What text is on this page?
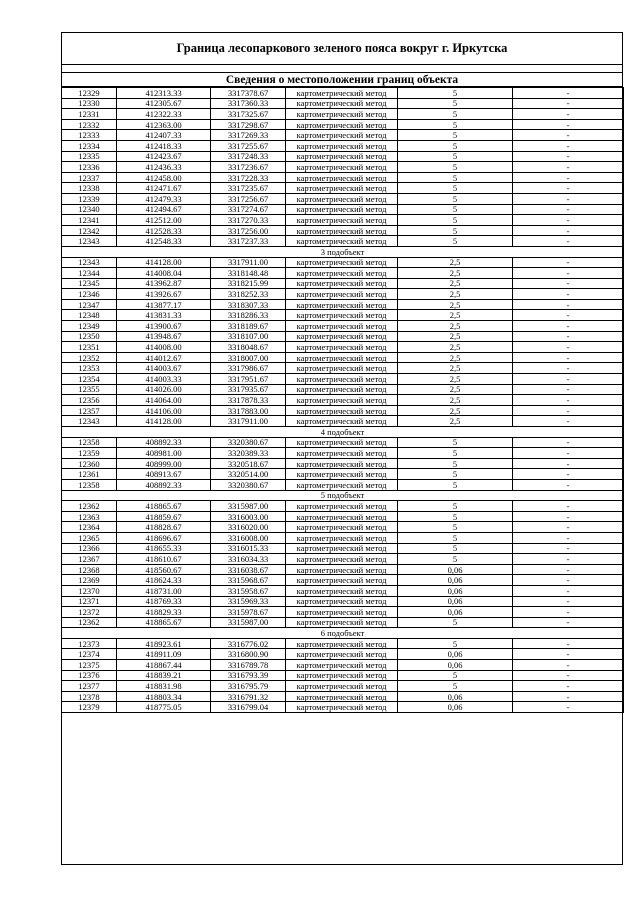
Граница лесопаркового зеленого пояса вокруг г. Иркутска
Сведения о местоположении границ объекта
12329	412313.33	3317378.67	картометрический метод	5	-
12330	412305.67	3317360.33	картометрический метод	5	-
12331	412322.33	3317325.67	картометрический метод	5	-
12332	412363.00	3317298.67	картометрический метод	5	-
12333	412407.33	3317269.33	картометрический метод	5	-
12334	412418.33	3317255.67	картометрический метод	5	-
12335	412423.67	3317248.33	картометрический метод	5	-
12336	412436.33	3317236.67	картометрический метод	5	-
12337	412458.00	3317228.33	картометрический метод	5	-
12338	412471.67	3317235.67	картометрический метод	5	-
12339	412479.33	3317256.67	картометрический метод	5	-
12340	412494.67	3317274.67	картометрический метод	5	-
12341	412512.00	3317270.33	картометрический метод	5	-
12342	412528.33	3317256.00	картометрический метод	5	-
12343	412548.33	3317237.33	картометрический метод	5	-
3 подобъект					
12343	414128.00	3317911.00	картометрический метод	2,5	-
12344	414008.04	3318148.48	картометрический метод	2,5	-
12345	413962.87	3318215.99	картометрический метод	2,5	-
12346	413926.67	3318252.33	картометрический метод	2,5	-
12347	413877.17	3318307.33	картометрический метод	2,5	-
12348	413831.33	3318286.33	картометрический метод	2,5	-
12349	413900.67	3318189.67	картометрический метод	2,5	-
12350	413948.67	3318107.00	картометрический метод	2,5	-
12351	414008.00	3318048.67	картометрический метод	2,5	-
12352	414012.67	3318007.00	картометрический метод	2,5	-
12353	414003.67	3317986.67	картометрический метод	2,5	-
12354	414003.33	3317951.67	картометрический метод	2,5	-
12355	414026.00	3317935.67	картометрический метод	2,5	-
12356	414064.00	3317878.33	картометрический метод	2,5	-
12357	414106.00	3317883.00	картометрический метод	2,5	-
12343	414128.00	3317911.00	картометрический метод	2,5	-
4 подобъект					
12358	408892.33	3320380.67	картометрический метод	5	-
12359	408981.00	3320389.33	картометрический метод	5	-
12360	408999.00	3320518.67	картометрический метод	5	-
12361	408913.67	3320514.00	картометрический метод	5	-
12358	408892.33	3320380.67	картометрический метод	5	-
5 подобъект					
12362	418865.67	3315987.00	картометрический метод	5	-
12363	418859.67	3316003.00	картометрический метод	5	-
12364	418828.67	3316020.00	картометрический метод	5	-
12365	418696.67	3316008.00	картометрический метод	5	-
12366	418655.33	3316015.33	картометрический метод	5	-
12367	418610.67	3316034.33	картометрический метод	5	-
12368	418560.67	3316038.67	картометрический метод	0,06	-
12369	418624.33	3315968.67	картометрический метод	0,06	-
12370	418731.00	3315958.67	картометрический метод	0,06	-
12371	418769.33	3315969.33	картометрический метод	0,06	-
12372	418829.33	3315978.67	картометрический метод	0,06	-
12362	418865.67	3315987.00	картометрический метод	5	-
6 подобъект					
12373	418923.61	3316776.02	картометрический метод	5	-
12374	418911.09	3316800.90	картометрический метод	0,06	-
12375	418867.44	3316789.78	картометрический метод	0,06	-
12376	418839.21	3316793.39	картометрический метод	5	-
12377	418831.98	3316795.79	картометрический метод	5	-
12378	418803.34	3316791.32	картометрический метод	0,06	-
12379	418775.05	3316799.04	картометрический метод	0,06	-
